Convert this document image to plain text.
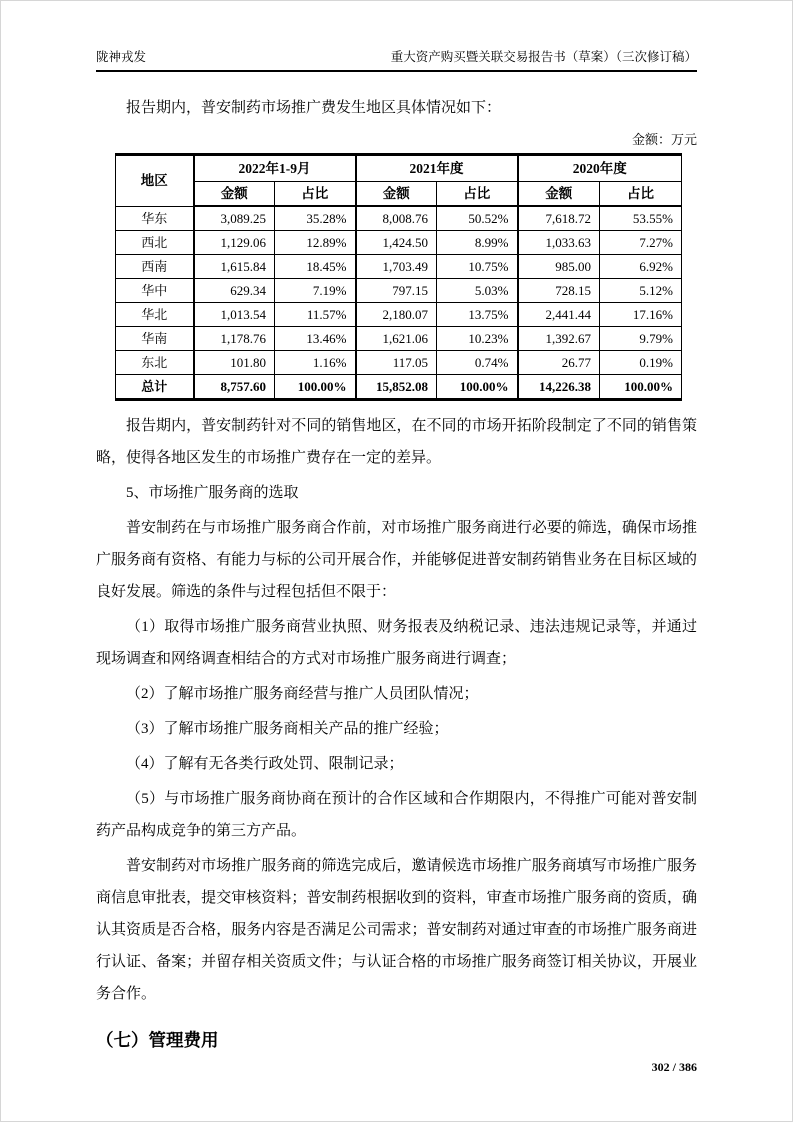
陇神戎发	重大资产购买暨关联交易报告书（草案）（三次修订稿）

报告期内，普安制药市场推广费发生地区具体情况如下：

金额：万元
地区	2022年1-9月		2021年度		2020年度	
	金额	占比	金额	占比	金额	占比
华东	3,089.25	35.28%	8,008.76	50.52%	7,618.72	53.55%
西北	1,129.06	12.89%	1,424.50	8.99%	1,033.63	7.27%
西南	1,615.84	18.45%	1,703.49	10.75%	985.00	6.92%
华中	629.34	7.19%	797.15	5.03%	728.15	5.12%
华北	1,013.54	11.57%	2,180.07	13.75%	2,441.44	17.16%
华南	1,178.76	13.46%	1,621.06	10.23%	1,392.67	9.79%
东北	101.80	1.16%	117.05	0.74%	26.77	0.19%
总计	8,757.60	100.00%	15,852.08	100.00%	14,226.38	100.00%

报告期内，普安制药针对不同的销售地区，在不同的市场开拓阶段制定了不同的销售策略，使得各地区发生的市场推广费存在一定的差异。

5、市场推广服务商的选取

普安制药在与市场推广服务商合作前，对市场推广服务商进行必要的筛选，确保市场推广服务商有资格、有能力与标的公司开展合作，并能够促进普安制药销售业务在目标区域的良好发展。筛选的条件与过程包括但不限于：

（1）取得市场推广服务商营业执照、财务报表及纳税记录、违法违规记录等，并通过现场调查和网络调查相结合的方式对市场推广服务商进行调查；

（2）了解市场推广服务商经营与推广人员团队情况；

（3）了解市场推广服务商相关产品的推广经验；

（4）了解有无各类行政处罚、限制记录；

（5）与市场推广服务商协商在预计的合作区域和合作期限内，不得推广可能对普安制药产品构成竞争的第三方产品。

普安制药对市场推广服务商的筛选完成后，邀请候选市场推广服务商填写市场推广服务商信息审批表，提交审核资料；普安制药根据收到的资料，审查市场推广服务商的资质，确认其资质是否合格，服务内容是否满足公司需求；普安制药对通过审查的市场推广服务商进行认证、备案；并留存相关资质文件；与认证合格的市场推广服务商签订相关协议，开展业务合作。

（七）管理费用
302 / 386
